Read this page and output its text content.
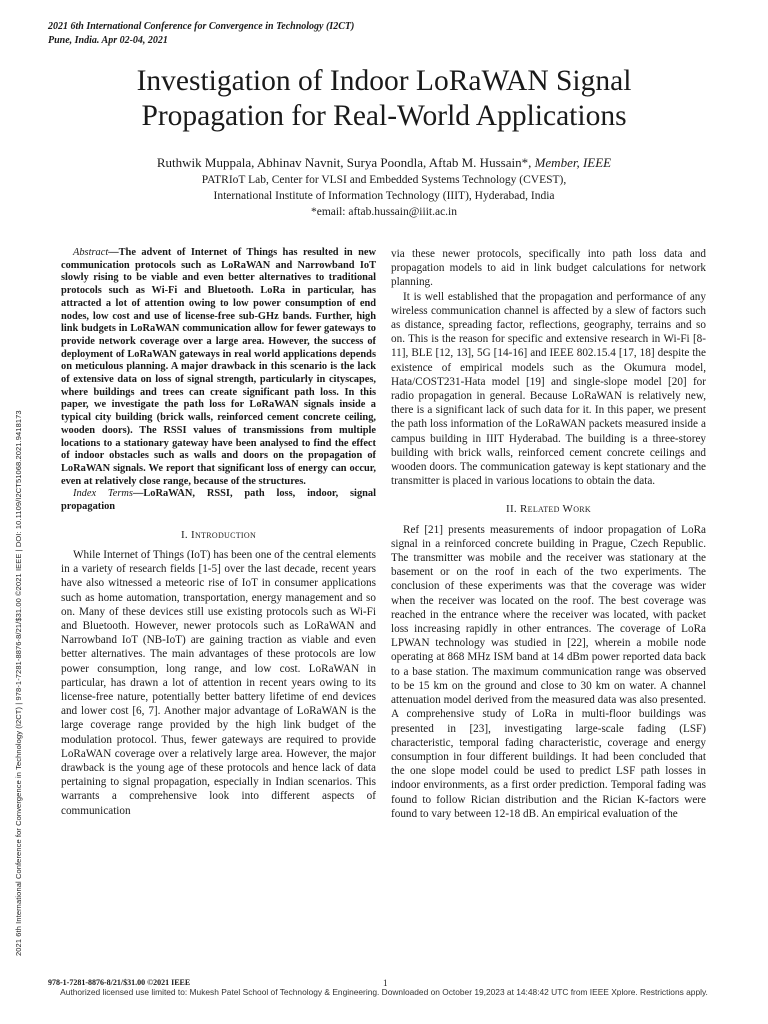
2021 6th International Conference for Convergence in Technology (I2CT)
Pune, India. Apr 02-04, 2021
Investigation of Indoor LoRaWAN Signal
Propagation for Real-World Applications
Ruthwik Muppala, Abhinav Navnit, Surya Poondla, Aftab M. Hussain*, Member, IEEE
PATRIoT Lab, Center for VLSI and Embedded Systems Technology (CVEST),
International Institute of Information Technology (IIIT), Hyderabad, India
*email: aftab.hussain@iiit.ac.in
2021 6th International Conference for Convergence in Technology (I2CT) | 978-1-7281-8876-8/21/$31.00 ©2021 IEEE | DOI: 10.1109/I2CT51068.2021.9418173

Abstract—The advent of Internet of Things has resulted in new communication protocols such as LoRaWAN and Narrowband IoT slowly rising to be viable and even better alternatives to traditional protocols such as Wi-Fi and Bluetooth. LoRa in particular, has attracted a lot of attention owing to low power consumption of end nodes, low cost and use of license-free sub-GHz bands. Further, high link budgets in LoRaWAN communication allow for fewer gateways to provide network coverage over a large area. However, the success of deployment of LoRaWAN gateways in real world applications depends on meticulous planning. A major drawback in this scenario is the lack of extensive data on loss of signal strength, particularly in cityscapes, where buildings and trees can create significant path loss. In this paper, we investigate the path loss for LoRaWAN signals inside a typical city building (brick walls, reinforced cement concrete ceiling, wooden doors). The RSSI values of transmissions from multiple locations to a stationary gateway have been analysed to find the effect of indoor obstacles such as walls and doors on the propagation of LoRaWAN signals. We report that significant loss of energy can occur, even at relatively close range, because of the structures.

Index Terms—LoRaWAN, RSSI, path loss, indoor, signal propagation

I. Introduction

While Internet of Things (IoT) has been one of the central elements in a variety of research fields [1-5] over the last decade, recent years have also witnessed a meteoric rise of IoT in consumer applications such as home automation, transportation, energy management and so on. Many of these devices still use existing protocols such as Wi-Fi and Bluetooth. However, newer protocols such as LoRaWAN and Narrowband IoT (NB-IoT) are gaining traction as viable and even better alternatives. The main advantages of these protocols are low power consumption, long range, and low cost. LoRaWAN in particular, has drawn a lot of attention in recent years owing to its license-free nature, potentially better battery lifetime of end devices and lower cost [6, 7]. Another major advantage of LoRaWAN is the large coverage range provided by the high link budget of the modulation protocol. Thus, fewer gateways are required to provide LoRaWAN coverage over a relatively large area. However, the major drawback is the young age of these protocols and hence lack of data pertaining to signal propagation, especially in Indian scenarios. This warrants a comprehensive look into different aspects of communication

via these newer protocols, specifically into path loss data and propagation models to aid in link budget calculations for network planning.

It is well established that the propagation and performance of any wireless communication channel is affected by a slew of factors such as distance, spreading factor, reflections, geography, terrains and so on. This is the reason for specific and extensive research in Wi-Fi [8-11], BLE [12, 13], 5G [14-16] and IEEE 802.15.4 [17, 18] despite the existence of empirical models such as the Okumura model, Hata/COST231-Hata model [19] and single-slope model [20] for radio propagation in general. Because LoRaWAN is relatively new, there is a significant lack of such data for it. In this paper, we present the path loss information of the LoRaWAN packets measured inside a campus building in IIIT Hyderabad. The building is a three-storey building with brick walls, reinforced cement concrete ceilings and wooden doors. The communication gateway is kept stationary and the transmitter is placed in various locations to obtain the data.

II. Related Work

Ref [21] presents measurements of indoor propagation of LoRa signal in a reinforced concrete building in Prague, Czech Republic. The transmitter was mobile and the receiver was stationary at the basement or on the roof in each of the two experiments. The conclusion of these experiments was that the coverage was wider when the receiver was located on the roof. The best coverage was reached in the entrance where the receiver was located, with packet loss increasing rapidly in other entrances. The coverage of LoRa LPWAN technology was studied in [22], wherein a mobile node operating at 868 MHz ISM band at 14 dBm power reported data back to a base station. The maximum communication range was observed to be 15 km on the ground and close to 30 km on water. A channel attenuation model derived from the measured data was also presented. A comprehensive study of LoRa in multi-floor buildings was presented in [23], investigating large-scale fading (LSF) characteristic, temporal fading characteristic, coverage and energy consumption in four different buildings. It had been concluded that the one slope model could be used to predict LSF path losses in indoor environments, as a first order prediction. Temporal fading was found to follow Rician distribution and the Rician K-factors were found to vary between 12-18 dB. An empirical evaluation of the

978-1-7281-8876-8/21/$31.00 ©2021 IEEE	1
Authorized licensed use limited to: Mukesh Patel School of Technology & Engineering. Downloaded on October 19,2023 at 14:48:42 UTC from IEEE Xplore. Restrictions apply.
